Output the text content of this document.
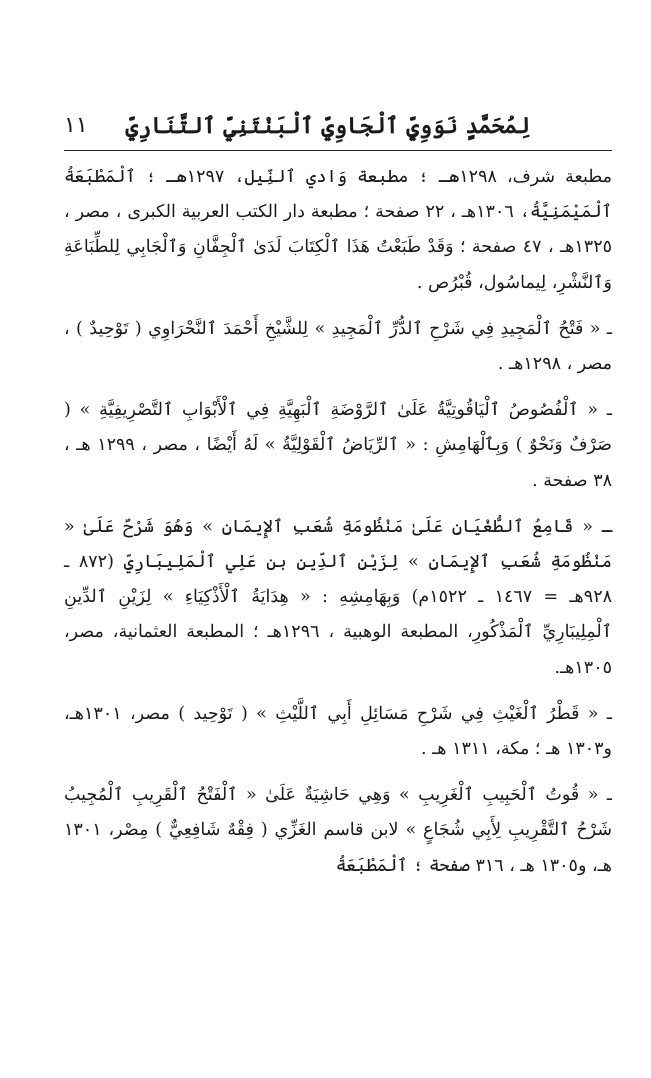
لِمُحَمَّدٍ نَوَوِيٍّ ٱلْجَاوِيِّ ٱلْبَنْتَنِيِّ ٱلتَّنَارِيِّ
١١

مطبعة شرف، ١٢٩٨هـ ؛ مطبعة وَادي ٱلنِّيل، ١٢٩٧هـ ؛ ٱلْمَطْبَعَةُ ٱلْمَيْمَنِيَّةُ، ١٣٠٦هـ ، ٢٢ صفحة ؛ مطبعة دار الكتب العربية الكبرى ، مصر ، ١٣٢٥هـ ، ٤٧ صفحة ؛ وَقَدْ طَبَعْتُ هَذَا ٱلْكِتَابَ لَدَىٰ ٱلْجِفَّانِ وَٱلْجَابِي لِلطِّبَاعَةِ وَٱلنَّشْرِ، لِيماسُول، قُبْرُص .

ـ « فَتْحُ ٱلْمَجِيدِ فِي شَرْحِ ٱلدُّرِّ ٱلْمَجِيدِ » لِلشَّيْخِ أَحْمَدَ ٱلنَّحْرَاوِي ( تَوْحِيدٌ ) ، مصر ، ١٢٩٨هـ .

ـ « ٱلْفُصُوصُ ٱلْيَاقُوتِيَّةُ عَلَىٰ ٱلرَّوْضَةِ ٱلْبَهِيَّةِ فِي ٱلْأَبْوَابِ ٱلتَّصْرِيفِيَّةِ » ( صَرْفٌ وَنَحْوٌ ) وَبِٱلْهَامِشِ : « ٱلرِّيَاضُ ٱلْقَوْلِيَّةُ » لَهُ أَيْضًا ، مصر ، ١٢٩٩ هـ ، ٣٨ صفحة .

ـ « قَامِعُ ٱلطُّغْيَانِ عَلَىٰ مَنْظُومَةِ شُعَبِ ٱلإِيمَانِ » وَهُوَ شَرْحٌ عَلَىٰ « مَنْظُومَةِ شُعَبِ ٱلإِيمَانِ » لِزَيْنِ ٱلدِّينِ بن عَلِي ٱلْمَلِيبَارِيِّ (٨٧٢ ـ ٩٢٨هـ = ١٤٦٧ ـ ١٥٢٢م) وَبِهَامِشِهِ : « هِدَايَةُ ٱلْأَذْكِيَاءِ » لِزَيْنِ ٱلدِّينِ ٱلْمِلِيبَارِيِّ ٱلْمَذْكُورِ، المطبعة الوهبية ، ١٢٩٦هـ ؛ المطبعة العثمانية، مصر، ١٣٠٥هـ.

ـ « قَطْرُ ٱلْغَيْثِ فِي شَرْحِ مَسَائِلِ أَبِي ٱللَّيْثِ » ( تَوْحِيد ) مصر، ١٣٠١هـ، و١٣٠٣ هـ ؛ مكة، ١٣١١ هـ .

ـ « قُوتُ ٱلْحَبِيبِ ٱلْغَرِيبِ » وَهِي حَاشِيَةٌ عَلَىٰ « ٱلْفَتْحُ ٱلْقَرِيبِ ٱلْمُجِيبُ شَرْحُ ٱلتَّقْرِيبِ لِأَبِي شُجَاعٍ » لابن قاسم الغَزِّي ( فِقْهٌ شَافِعِيٌّ ) مِصْر، ١٣٠١ هـ، و١٣٠٥ هـ ، ٣١٦ صفحة ؛ ٱلْمَطْبَعَةُ
